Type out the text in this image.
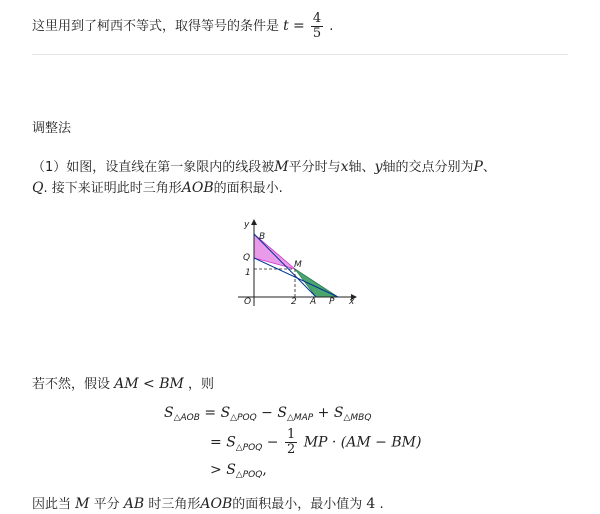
这里用到了柯西不等式，取得等号的条件是 $t = \frac{4}{5}$ .
调整法
（1）如图，设直线在第一象限内的线段被M平分时与x轴、y轴的交点分别为P、
Q. 接下来证明此时三角形AOB的面积最小.
y
B
Q
M
1
O	2 A P x
若不然，假设 AM < BM ，则
$S_{\triangle AOB} = S_{\triangle POQ} - S_{\triangle MAP} + S_{\triangle MBQ}$
= $S_{\triangle POQ} - \frac{1}{2}$ MP · (AM − BM)
> $S_{\triangle POQ}$,
因此当 M 平分 AB 时三角形AOB的面积最小，最小值为 4 .
